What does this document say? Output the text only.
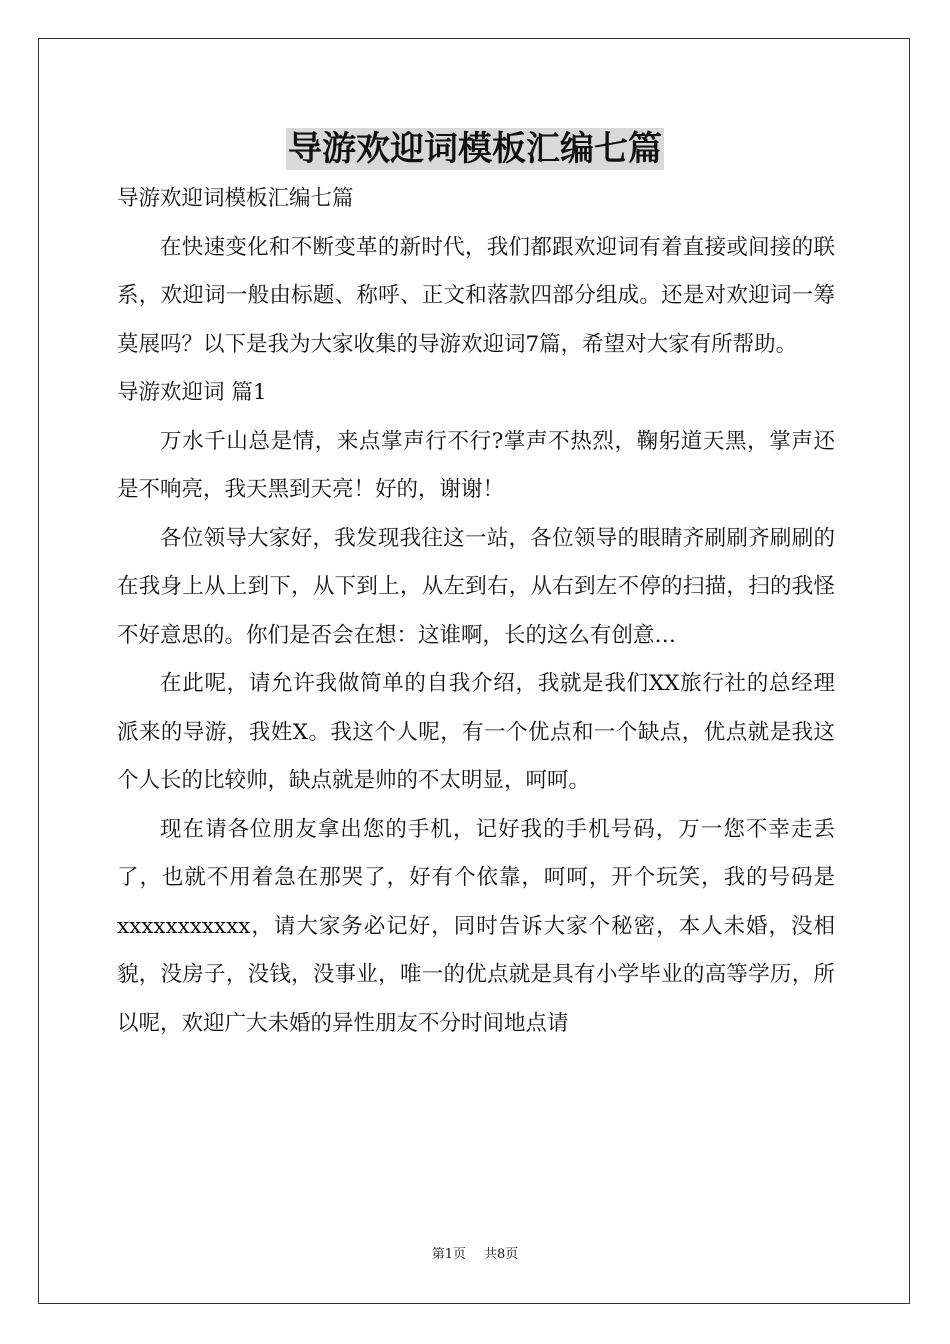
导游欢迎词模板汇编七篇

导游欢迎词模板汇编七篇

在快速变化和不断变革的新时代，我们都跟欢迎词有着直接或间接的联系，欢迎词一般由标题、称呼、正文和落款四部分组成。还是对欢迎词一筹莫展吗？以下是我为大家收集的导游欢迎词7篇，希望对大家有所帮助。

导游欢迎词 篇1

万水千山总是情，来点掌声行不行?掌声不热烈，鞠躬道天黑，掌声还是不响亮，我天黑到天亮！好的，谢谢！

各位领导大家好，我发现我往这一站，各位领导的眼睛齐刷刷齐刷刷的在我身上从上到下，从下到上，从左到右，从右到左不停的扫描，扫的我怪不好意思的。你们是否会在想：这谁啊，长的这么有创意…

在此呢，请允许我做简单的自我介绍，我就是我们XX旅行社的总经理派来的导游，我姓X。我这个人呢，有一个优点和一个缺点，优点就是我这个人长的比较帅，缺点就是帅的不太明显，呵呵。

现在请各位朋友拿出您的手机，记好我的手机号码，万一您不幸走丢了，也就不用着急在那哭了，好有个依靠，呵呵，开个玩笑，我的号码是xxxxxxxxxxx，请大家务必记好，同时告诉大家个秘密，本人未婚，没相貌，没房子，没钱，没事业，唯一的优点就是具有小学毕业的高等学历，所以呢，欢迎广大未婚的异性朋友不分时间地点请

第1页 共8页
